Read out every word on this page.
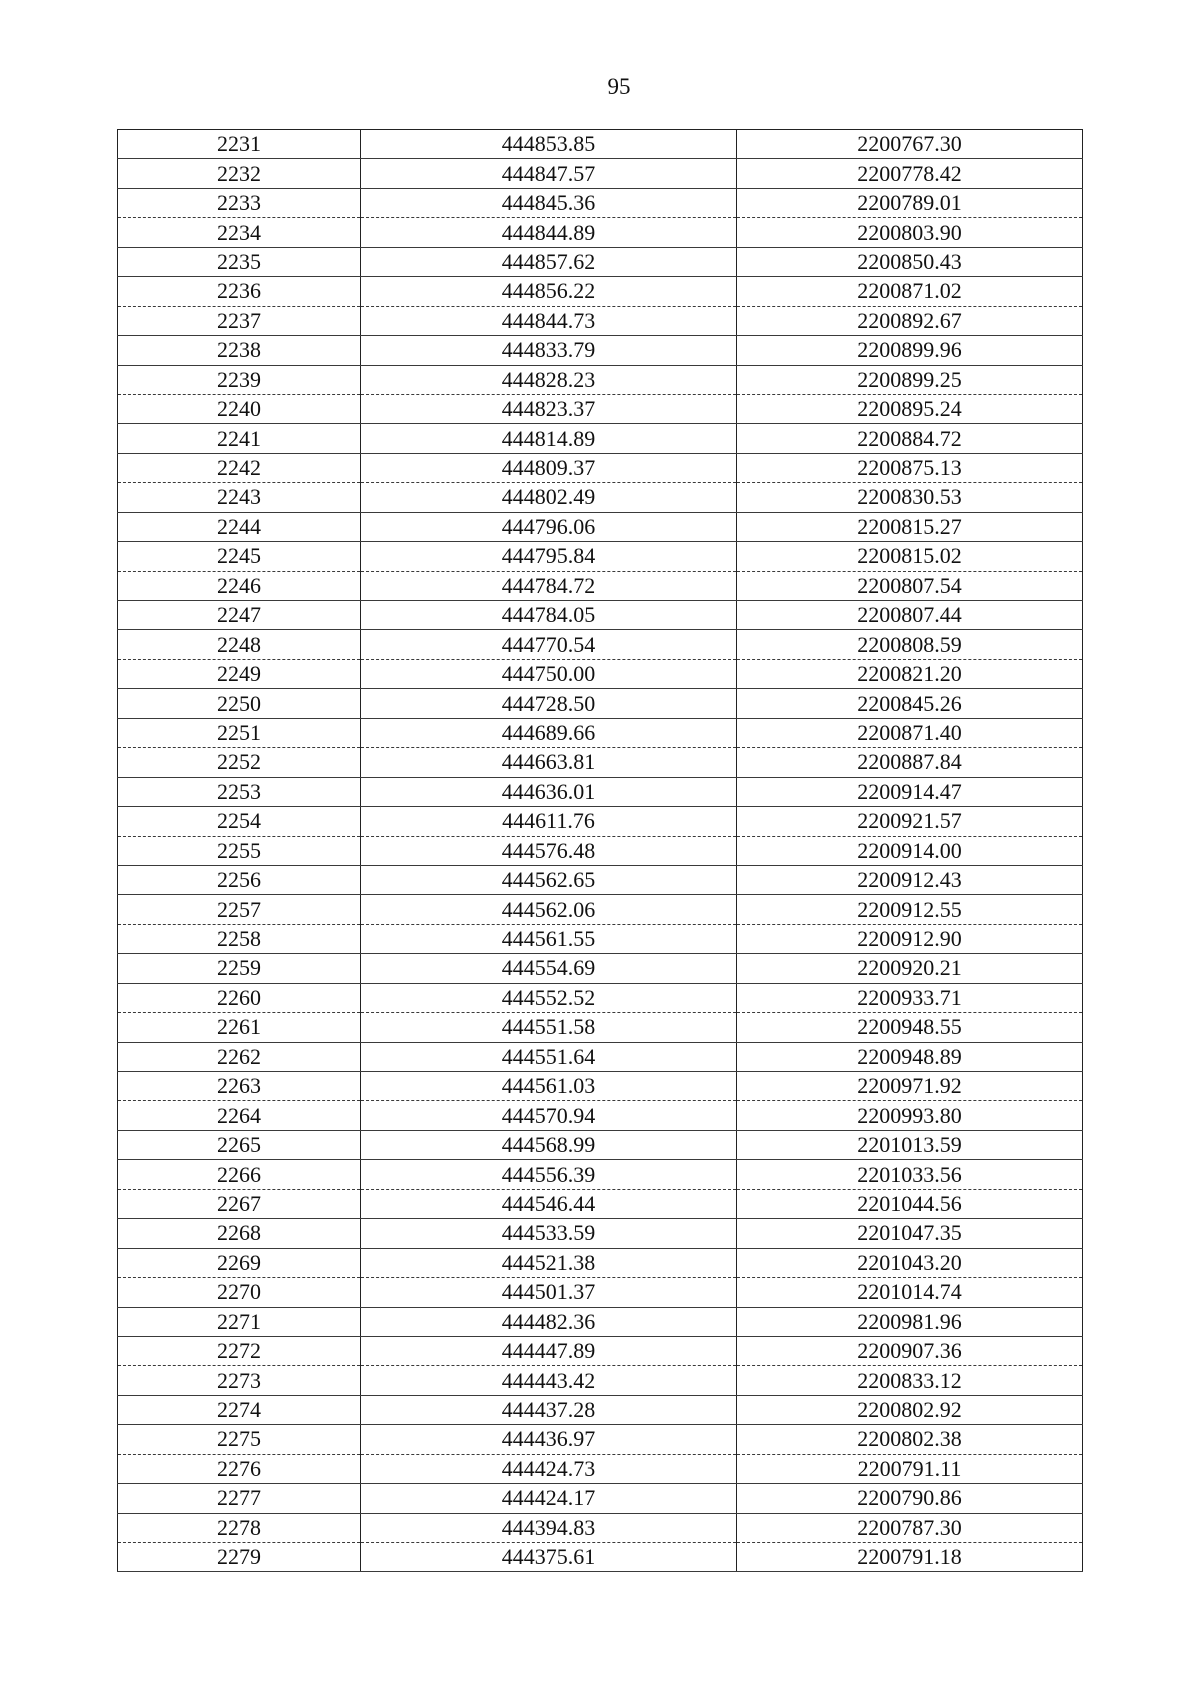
95
2231	444853.85	2200767.30
2232	444847.57	2200778.42
2233	444845.36	2200789.01
2234	444844.89	2200803.90
2235	444857.62	2200850.43
2236	444856.22	2200871.02
2237	444844.73	2200892.67
2238	444833.79	2200899.96
2239	444828.23	2200899.25
2240	444823.37	2200895.24
2241	444814.89	2200884.72
2242	444809.37	2200875.13
2243	444802.49	2200830.53
2244	444796.06	2200815.27
2245	444795.84	2200815.02
2246	444784.72	2200807.54
2247	444784.05	2200807.44
2248	444770.54	2200808.59
2249	444750.00	2200821.20
2250	444728.50	2200845.26
2251	444689.66	2200871.40
2252	444663.81	2200887.84
2253	444636.01	2200914.47
2254	444611.76	2200921.57
2255	444576.48	2200914.00
2256	444562.65	2200912.43
2257	444562.06	2200912.55
2258	444561.55	2200912.90
2259	444554.69	2200920.21
2260	444552.52	2200933.71
2261	444551.58	2200948.55
2262	444551.64	2200948.89
2263	444561.03	2200971.92
2264	444570.94	2200993.80
2265	444568.99	2201013.59
2266	444556.39	2201033.56
2267	444546.44	2201044.56
2268	444533.59	2201047.35
2269	444521.38	2201043.20
2270	444501.37	2201014.74
2271	444482.36	2200981.96
2272	444447.89	2200907.36
2273	444443.42	2200833.12
2274	444437.28	2200802.92
2275	444436.97	2200802.38
2276	444424.73	2200791.11
2277	444424.17	2200790.86
2278	444394.83	2200787.30
2279	444375.61	2200791.18
